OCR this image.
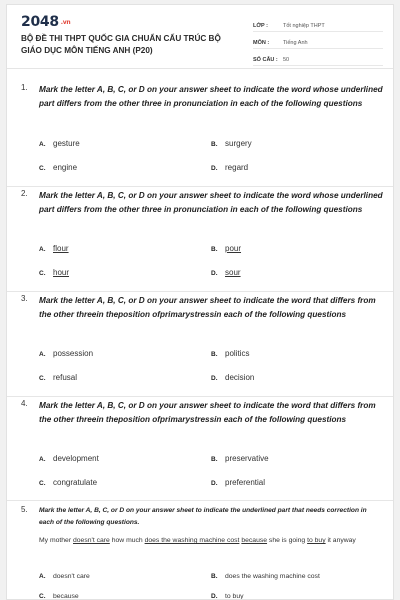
2048 .vn
BỘ ĐỀ THI THPT QUỐC GIA CHUẨN CẤU TRÚC BỘ GIÁO DỤC MÔN TIẾNG ANH (P20)
LỚP :	Tốt nghiệp THPT
MÔN :	Tiếng Anh
SỐ CÂU : 50
1. Mark the letter A, B, C, or D on your answer sheet to indicate the word whose underlined part differs from the other three in pronunciation in each of the following questions
A. gesture	B. surgery
C. engine	D. regard
2. Mark the letter A, B, C, or D on your answer sheet to indicate the word whose underlined part differs from the other three in pronunciation in each of the following questions
A. flour	B. pour
C. hour	D. sour
3. Mark the letter A, B, C, or D on your answer sheet to indicate the word that differs from the other threein theposition ofprimarystressin each of the following questions
A. possession	B. politics
C. refusal	D. decision
4. Mark the letter A, B, C, or D on your answer sheet to indicate the word that differs from the other threein theposition ofprimarystressin each of the following questions
A. development	B. preservative
C. congratulate	D. preferential
5. Mark the letter A, B, C, or D on your answer sheet to indicate the underlined part that needs correction in each of the following questions.
My mother doesn't care how much does the washing machine cost because she is going to buy it anyway
A. doesn't care	B. does the washing machine cost
C. because	D. to buy
